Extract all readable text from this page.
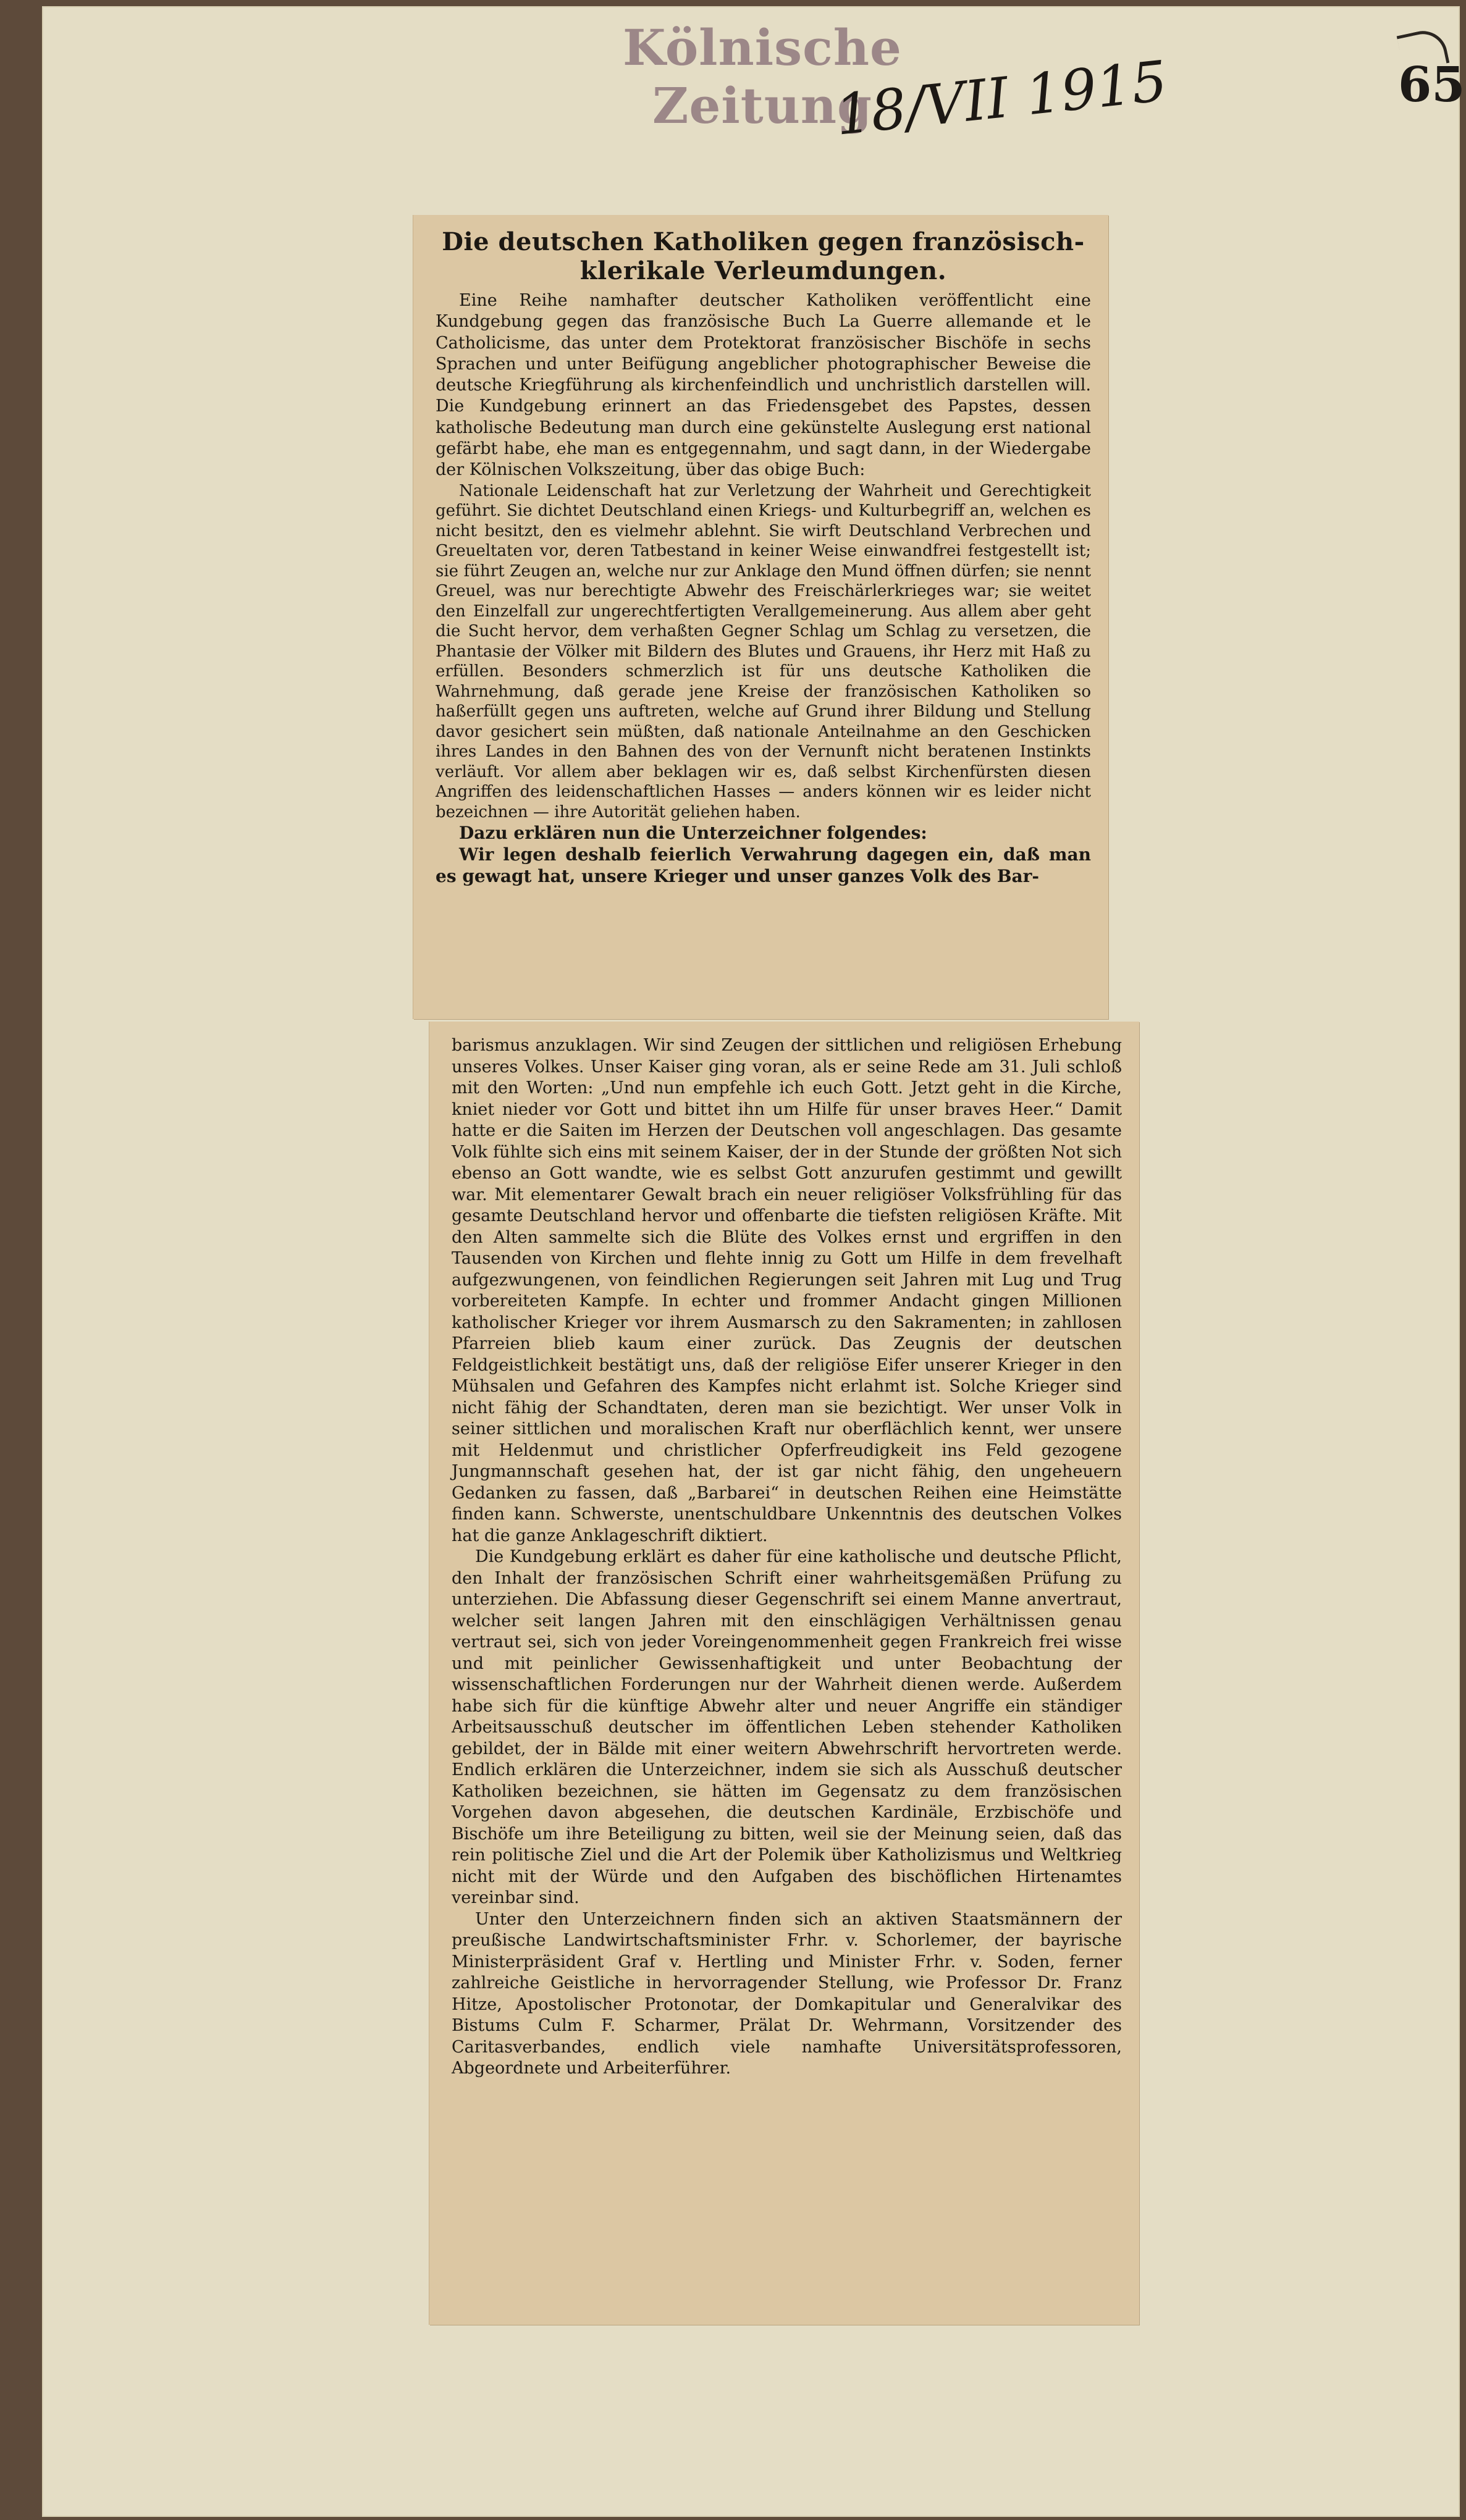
Kölnische Zeitung
18/VII 1915	65
Die deutschen Katholiken gegen französisch-klerikale Verleumdungen.

Eine Reihe namhafter deutscher Katholiken veröffentlicht eine Kundgebung gegen das französische Buch La Guerre allemande et le Catholicisme, das unter dem Protektorat französischer Bischöfe in sechs Sprachen und unter Beifügung angeblicher photographischer Beweise die deutsche Kriegführung als kirchenfeindlich und unchristlich darstellen will. Die Kundgebung erinnert an das Friedensgebet des Papstes, dessen katholische Bedeutung man durch eine gekünstelte Auslegung erst national gefärbt habe, ehe man es entgegennahm, und sagt dann, in der Wiedergabe der Kölnischen Volkszeitung, über das obige Buch:

Nationale Leidenschaft hat zur Verletzung der Wahrheit und Gerechtigkeit geführt. Sie dichtet Deutschland einen Kriegs- und Kulturbegriff an, welchen es nicht besitzt, den es vielmehr ablehnt. Sie wirft Deutschland Verbrechen und Greueltaten vor, deren Tatbestand in keiner Weise einwandfrei festgestellt ist; sie führt Zeugen an, welche nur zur Anklage den Mund öffnen dürfen; sie nennt Greuel, was nur berechtigte Abwehr des Freischärlerkrieges war; sie weitet den Einzelfall zur ungerechtfertigten Verallgemeinerung. Aus allem aber geht die Sucht hervor, dem verhaßten Gegner Schlag um Schlag zu versetzen, die Phantasie der Völker mit Bildern des Blutes und Grauens, ihr Herz mit Haß zu erfüllen. Besonders schmerzlich ist für uns deutsche Katholiken die Wahrnehmung, daß gerade jene Kreise der französischen Katholiken so haßerfüllt gegen uns auftreten, welche auf Grund ihrer Bildung und Stellung davor gesichert sein müßten, daß nationale Anteilnahme an den Geschicken ihres Landes in den Bahnen des von der Vernunft nicht beratenen Instinkts verläuft. Vor allem aber beklagen wir es, daß selbst Kirchenfürsten diesen Angriffen des leidenschaftlichen Hasses — anders können wir es leider nicht bezeichnen — ihre Autorität geliehen haben.

Dazu erklären nun die Unterzeichner folgendes:

Wir legen deshalb feierlich Verwahrung dagegen ein, daß man es gewagt hat, unsere Krieger und unser ganzes Volk des Bar-

barismus anzuklagen. Wir sind Zeugen der sittlichen und religiösen Erhebung unseres Volkes. Unser Kaiser ging voran, als er seine Rede am 31. Juli schloß mit den Worten: „Und nun empfehle ich euch Gott. Jetzt geht in die Kirche, kniet nieder vor Gott und bittet ihn um Hilfe für unser braves Heer.“ Damit hatte er die Saiten im Herzen der Deutschen voll angeschlagen. Das gesamte Volk fühlte sich eins mit seinem Kaiser, der in der Stunde der größten Not sich ebenso an Gott wandte, wie es selbst Gott anzurufen gestimmt und gewillt war. Mit elementarer Gewalt brach ein neuer religiöser Volksfrühling für das gesamte Deutschland hervor und offenbarte die tiefsten religiösen Kräfte. Mit den Alten sammelte sich die Blüte des Volkes ernst und ergriffen in den Tausenden von Kirchen und flehte innig zu Gott um Hilfe in dem frevelhaft aufgezwungenen, von feindlichen Regierungen seit Jahren mit Lug und Trug vorbereiteten Kampfe. In echter und frommer Andacht gingen Millionen katholischer Krieger vor ihrem Ausmarsch zu den Sakramenten; in zahllosen Pfarreien blieb kaum einer zurück. Das Zeugnis der deutschen Feldgeistlichkeit bestätigt uns, daß der religiöse Eifer unserer Krieger in den Mühsalen und Gefahren des Kampfes nicht erlahmt ist. Solche Krieger sind nicht fähig der Schandtaten, deren man sie bezichtigt. Wer unser Volk in seiner sittlichen und moralischen Kraft nur oberflächlich kennt, wer unsere mit Heldenmut und christlicher Opferfreudigkeit ins Feld gezogene Jungmannschaft gesehen hat, der ist gar nicht fähig, den ungeheuern Gedanken zu fassen, daß „Barbarei“ in deutschen Reihen eine Heimstätte finden kann. Schwerste, unentschuldbare Unkenntnis des deutschen Volkes hat die ganze Anklageschrift diktiert.

Die Kundgebung erklärt es daher für eine katholische und deutsche Pflicht, den Inhalt der französischen Schrift einer wahrheitsgemäßen Prüfung zu unterziehen. Die Abfassung dieser Gegenschrift sei einem Manne anvertraut, welcher seit langen Jahren mit den einschlägigen Verhältnissen genau vertraut sei, sich von jeder Voreingenommenheit gegen Frankreich frei wisse und mit peinlicher Gewissenhaftigkeit und unter Beobachtung der wissenschaftlichen Forderungen nur der Wahrheit dienen werde. Außerdem habe sich für die künftige Abwehr alter und neuer Angriffe ein ständiger Arbeitsausschuß deutscher im öffentlichen Leben stehender Katholiken gebildet, der in Bälde mit einer weitern Abwehrschrift hervortreten werde. Endlich erklären die Unterzeichner, indem sie sich als Ausschuß deutscher Katholiken bezeichnen, sie hätten im Gegensatz zu dem französischen Vorgehen davon abgesehen, die deutschen Kardinäle, Erzbischöfe und Bischöfe um ihre Beteiligung zu bitten, weil sie der Meinung seien, daß das rein politische Ziel und die Art der Polemik über Katholizismus und Weltkrieg nicht mit der Würde und den Aufgaben des bischöflichen Hirtenamtes vereinbar sind.

Unter den Unterzeichnern finden sich an aktiven Staatsmännern der preußische Landwirtschaftsminister Frhr. v. Schorlemer, der bayrische Ministerpräsident Graf v. Hertling und Minister Frhr. v. Soden, ferner zahlreiche Geistliche in hervorragender Stellung, wie Professor Dr. Franz Hitze, Apostolischer Protonotar, der Domkapitular und Generalvikar des Bistums Culm F. Scharmer, Prälat Dr. Wehrmann, Vorsitzender des Caritasverbandes, endlich viele namhafte Universitätsprofessoren, Abgeordnete und Arbeiterführer.
